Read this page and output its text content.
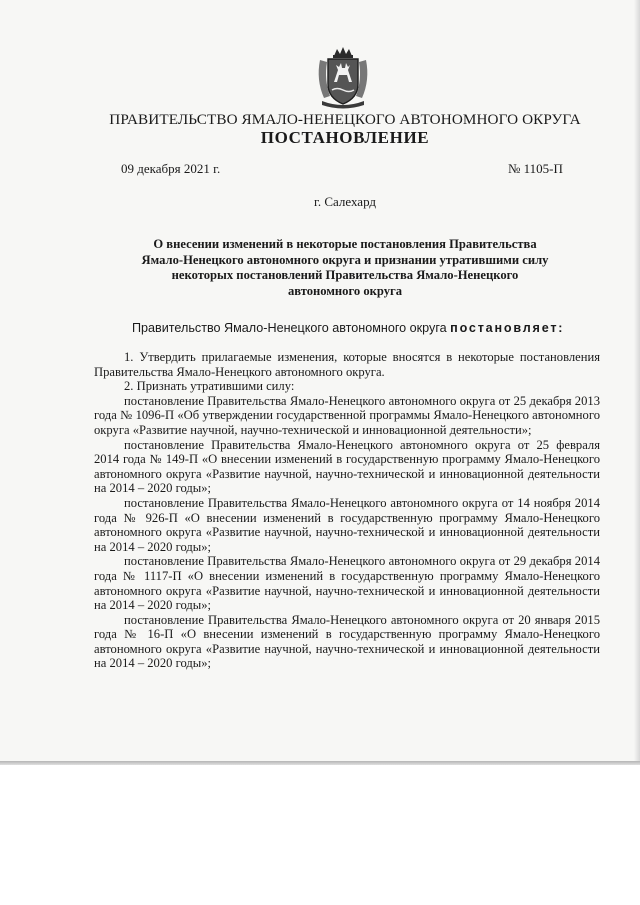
ПРАВИТЕЛЬСТВО ЯМАЛО-НЕНЕЦКОГО АВТОНОМНОГО ОКРУГА
ПОСТАНОВЛЕНИЕ
09 декабря 2021 г.	№ 1105-П
г. Салехард
О внесении изменений в некоторые постановления Правительства
Ямало-Ненецкого автономного округа и признании утратившими силу
некоторых постановлений Правительства Ямало-Ненецкого
автономного округа
Правительство Ямало-Ненецкого автономного округа постановляет:

1. Утвердить прилагаемые изменения, которые вносятся в некоторые постановления Правительства Ямало-Ненецкого автономного округа.

2. Признать утратившими силу:

постановление Правительства Ямало-Ненецкого автономного округа от 25 декабря 2013 года № 1096-П «Об утверждении государственной программы Ямало-Ненецкого автономного округа «Развитие научной, научно-технической и инновационной деятельности»;

постановление Правительства Ямало-Ненецкого автономного округа от 25 февраля 2014 года № 149-П «О внесении изменений в государственную программу Ямало-Ненецкого автономного округа «Развитие научной, научно-технической и инновационной деятельности на 2014 – 2020 годы»;

постановление Правительства Ямало-Ненецкого автономного округа от 14 ноября 2014 года № 926-П «О внесении изменений в государственную программу Ямало-Ненецкого автономного округа «Развитие научной, научно-технической и инновационной деятельности на 2014 – 2020 годы»;

постановление Правительства Ямало-Ненецкого автономного округа от 29 декабря 2014 года № 1117-П «О внесении изменений в государственную программу Ямало-Ненецкого автономного округа «Развитие научной, научно-технической и инновационной деятельности на 2014 – 2020 годы»;

постановление Правительства Ямало-Ненецкого автономного округа от 20 января 2015 года № 16-П «О внесении изменений в государственную программу Ямало-Ненецкого автономного округа «Развитие научной, научно-технической и инновационной деятельности на 2014 – 2020 годы»;
